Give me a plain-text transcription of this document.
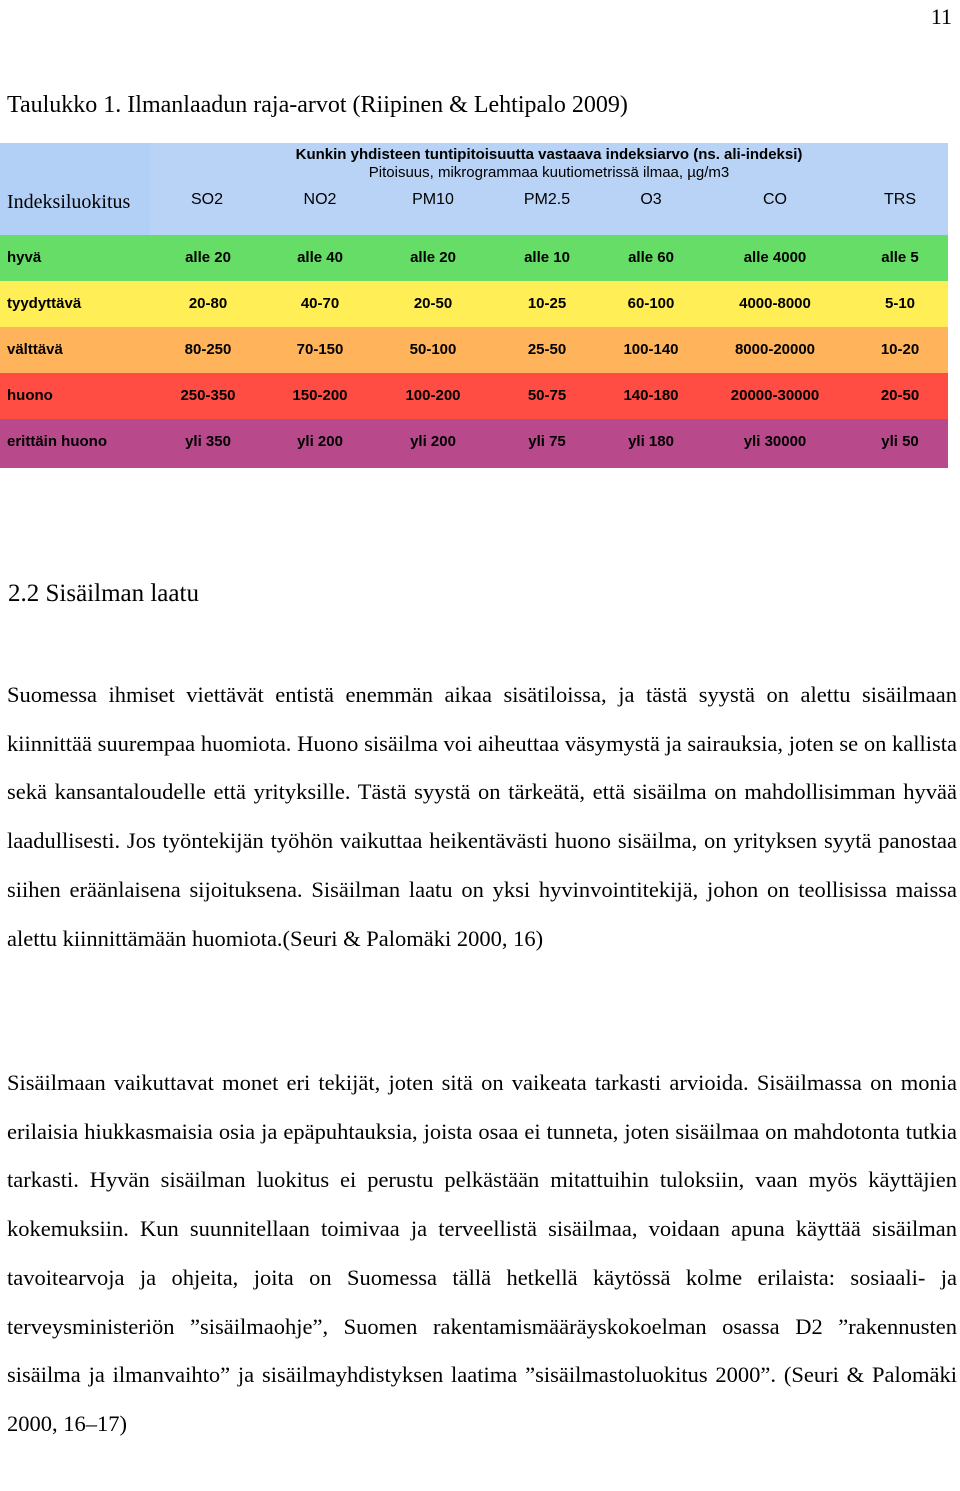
11
Taulukko 1. Ilmanlaadun raja-arvot (Riipinen & Lehtipalo 2009)
Kunkin yhdisteen tuntipitoisuutta vastaava indeksiarvo (ns. ali-indeksi)
Pitoisuus, mikrogrammaa kuutiometrissä ilmaa, µg/m3
Indeksiluokitus	SO2	NO2	PM10	PM2.5	O3	CO	TRS
hyvä	alle 20	alle 40	alle 20	alle 10	alle 60	alle 4000	alle 5
tyydyttävä	20-80	40-70	20-50	10-25	60-100	4000-8000	5-10
välttävä	80-250	70-150	50-100	25-50	100-140	8000-20000	10-20
huono	250-350	150-200	100-200	50-75	140-180	20000-30000	20-50
erittäin huono	yli 350	yli 200	yli 200	yli 75	yli 180	yli 30000	yli 50
2.2 Sisäilman laatu

Suomessa ihmiset viettävät entistä enemmän aikaa sisätiloissa, ja tästä syystä on alettu sisäilmaan kiinnittää suurempaa huomiota. Huono sisäilma voi aiheuttaa väsymystä ja sairauksia, joten se on kallista sekä kansantaloudelle että yrityksille. Tästä syystä on tärkeätä, että sisäilma on mahdollisimman hyvää laadullisesti. Jos työntekijän työhön vaikuttaa heikentävästi huono sisäilma, on yrityksen syytä panostaa siihen eräänlaisena sijoituksena. Sisäilman laatu on yksi hyvinvointitekijä, johon on teollisissa maissa alettu kiinnittämään huomiota.(Seuri & Palomäki 2000, 16)

Sisäilmaan vaikuttavat monet eri tekijät, joten sitä on vaikeata tarkasti arvioida. Sisäilmassa on monia erilaisia hiukkasmaisia osia ja epäpuhtauksia, joista osaa ei tunneta, joten sisäilmaa on mahdotonta tutkia tarkasti. Hyvän sisäilman luokitus ei perustu pelkästään mitattuihin tuloksiin, vaan myös käyttäjien kokemuksiin. Kun suunnitellaan toimivaa ja terveellistä sisäilmaa, voidaan apuna käyttää sisäilman tavoitearvoja ja ohjeita, joita on Suomessa tällä hetkellä käytössä kolme erilaista: sosiaali- ja terveysministeriön ”sisäilmaohje”, Suomen rakentamismääräyskokoelman osassa D2 ”rakennusten sisäilma ja ilmanvaihto” ja sisäilmayhdistyksen laatima ”sisäilmastoluokitus 2000”. (Seuri & Palomäki 2000, 16–17)
